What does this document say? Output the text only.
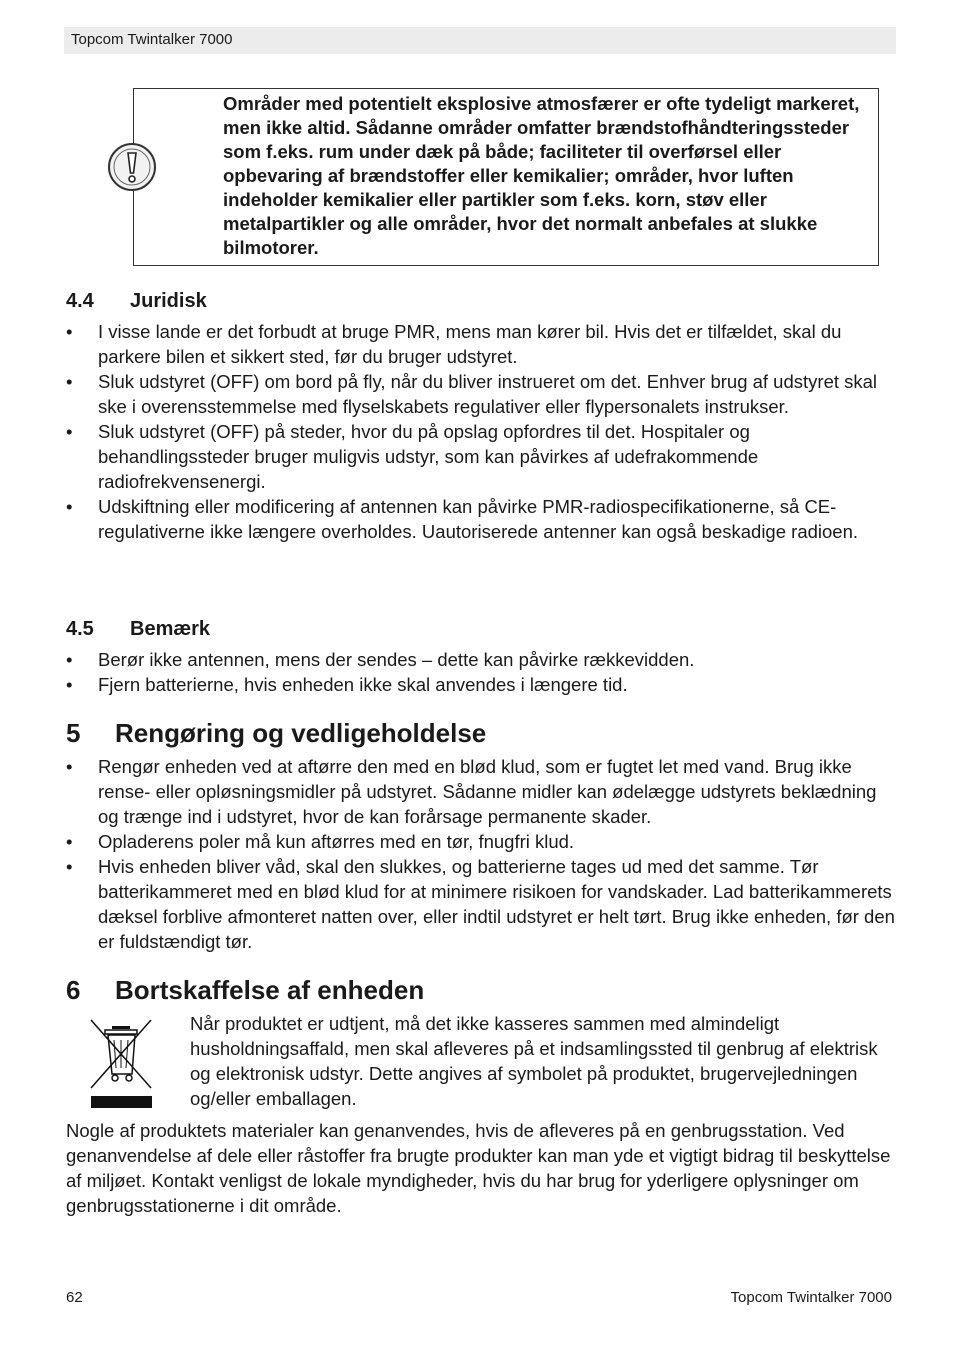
Topcom Twintalker 7000
Områder med potentielt eksplosive atmosfærer er ofte tydeligt markeret, men ikke altid. Sådanne områder omfatter brændstofhåndteringssteder som f.eks. rum under dæk på både; faciliteter til overførsel eller opbevaring af brændstoffer eller kemikalier; områder, hvor luften indeholder kemikalier eller partikler som f.eks. korn, støv eller metalpartikler og alle områder, hvor det normalt anbefales at slukke bilmotorer.
4.4 Juridisk
• I visse lande er det forbudt at bruge PMR, mens man kører bil. Hvis det er tilfældet, skal du parkere bilen et sikkert sted, før du bruger udstyret.
• Sluk udstyret (OFF) om bord på fly, når du bliver instrueret om det. Enhver brug af udstyret skal ske i overensstemmelse med flyselskabets regulativer eller flypersonalets instrukser.
• Sluk udstyret (OFF) på steder, hvor du på opslag opfordres til det. Hospitaler og behandlingssteder bruger muligvis udstyr, som kan påvirkes af udefrakommende radiofrekvensenergi.
• Udskiftning eller modificering af antennen kan påvirke PMR-radiospecifikationerne, så CE-regulativerne ikke længere overholdes. Uautoriserede antenner kan også beskadige radioen.
4.5 Bemærk
• Berør ikke antennen, mens der sendes – dette kan påvirke rækkevidden.
• Fjern batterierne, hvis enheden ikke skal anvendes i længere tid.
5 Rengøring og vedligeholdelse
• Rengør enheden ved at aftørre den med en blød klud, som er fugtet let med vand. Brug ikke rense- eller opløsningsmidler på udstyret. Sådanne midler kan ødelægge udstyrets beklædning og trænge ind i udstyret, hvor de kan forårsage permanente skader.
• Opladerens poler må kun aftørres med en tør, fnugfri klud.
• Hvis enheden bliver våd, skal den slukkes, og batterierne tages ud med det samme. Tør batterikammeret med en blød klud for at minimere risikoen for vandskader. Lad batterikammerets dæksel forblive afmonteret natten over, eller indtil udstyret er helt tørt. Brug ikke enheden, før den er fuldstændigt tør.
6 Bortskaffelse af enheden

Når produktet er udtjent, må det ikke kasseres sammen med almindeligt husholdningsaffald, men skal afleveres på et indsamlingssted til genbrug af elektrisk og elektronisk udstyr. Dette angives af symbolet på produktet, brugervejledningen og/eller emballagen.

Nogle af produktets materialer kan genanvendes, hvis de afleveres på en genbrugsstation. Ved genanvendelse af dele eller råstoffer fra brugte produkter kan man yde et vigtigt bidrag til beskyttelse af miljøet. Kontakt venligst de lokale myndigheder, hvis du har brug for yderligere oplysninger om genbrugsstationerne i dit område.

62	Topcom Twintalker 7000
